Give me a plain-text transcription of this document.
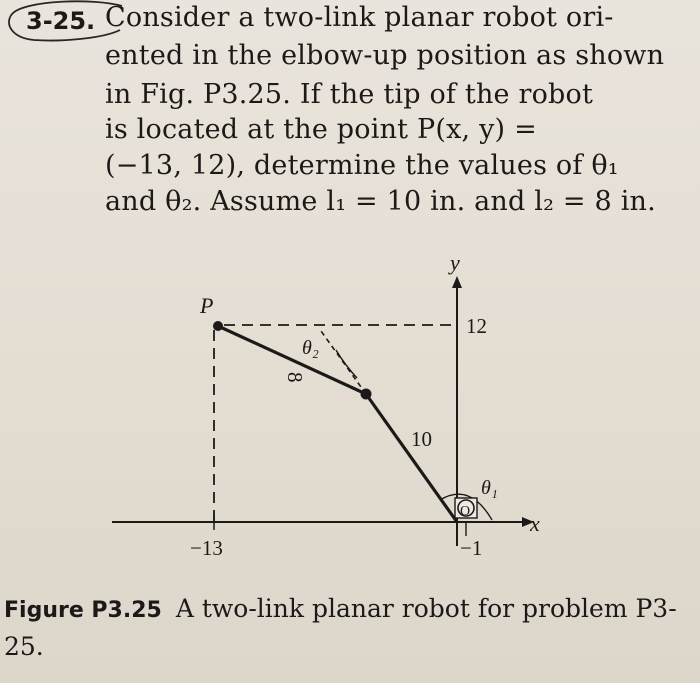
3-25. Consider a two-link planar robot ori-
ented in the elbow-up position as shown
in Fig. P3.25. If the tip of the robot
is located at the point P(x, y) =
(−13, 12), determine the values of θ₁
and θ₂. Assume l₁ = 10 in. and l₂ = 8 in.
y
x
P
12
−13	−1
10
8
θ₁
θ₂
O
Figure P3.25 A two-link planar robot for problem P3-25.
